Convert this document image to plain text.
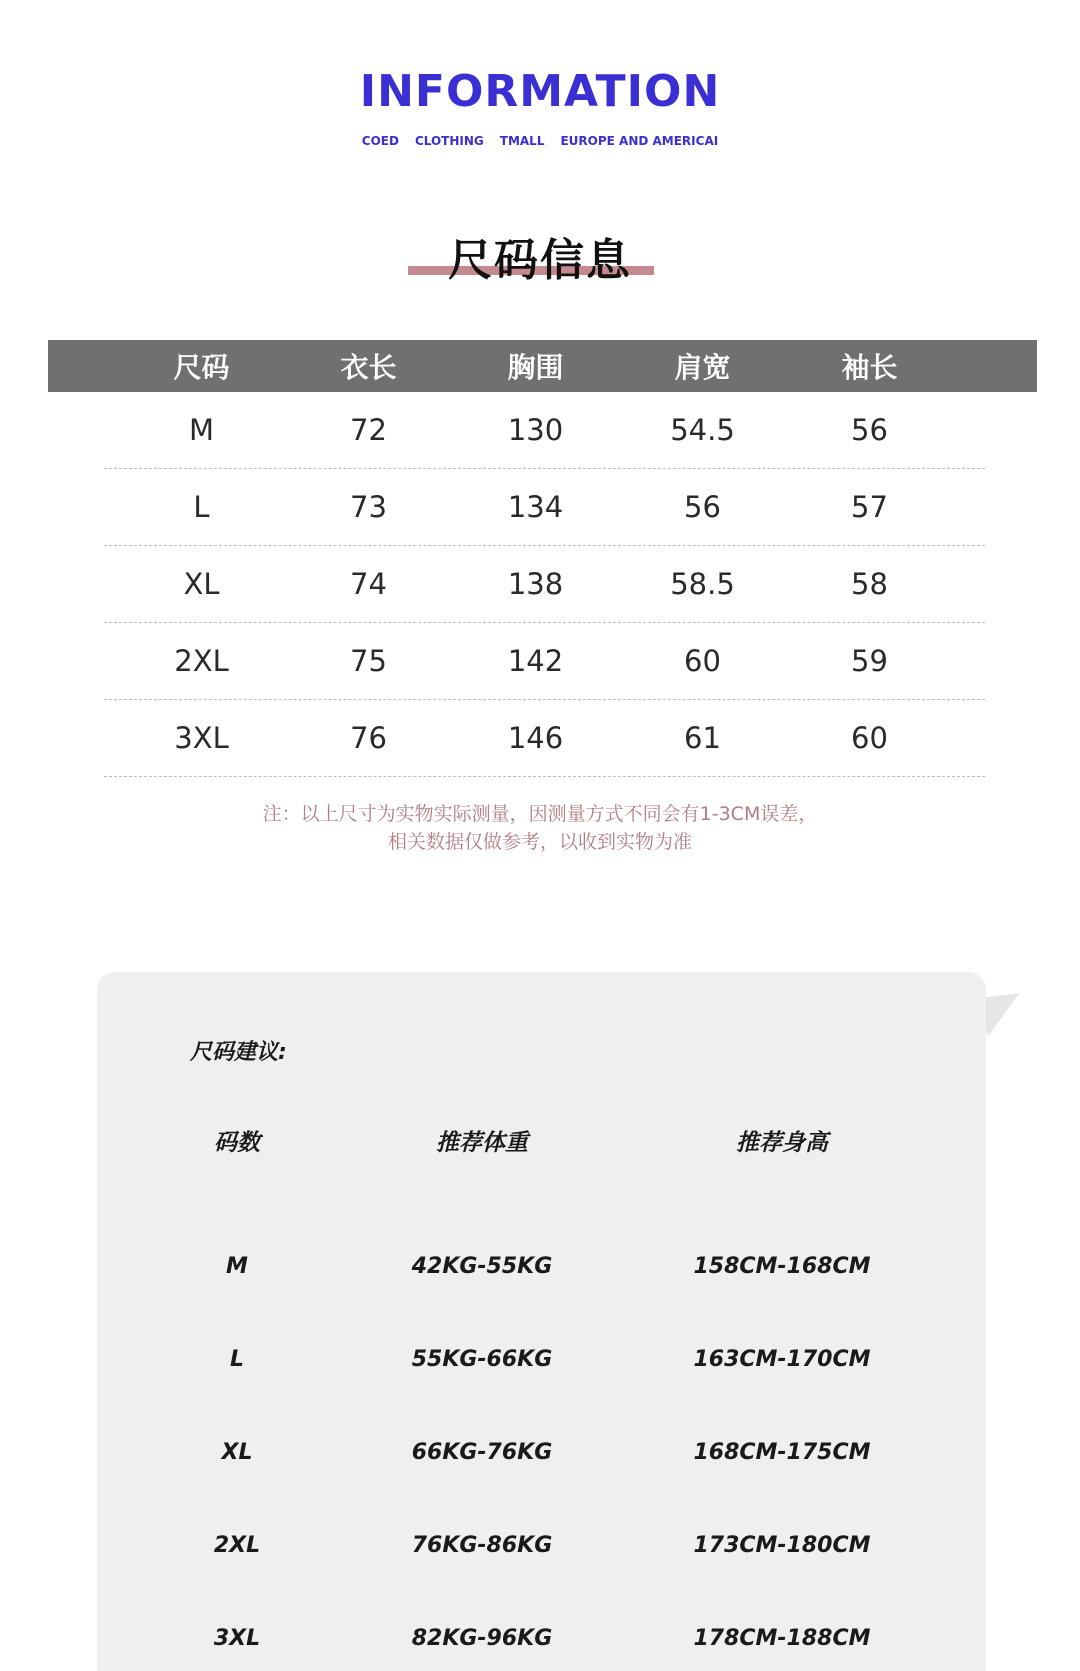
INFORMATION
COED CLOTHING TMALL EUROPE AND AMERICAI
尺码信息
尺码	衣长	胸围	肩宽	袖长
M	72	130	54.5	56
L	73	134	56	57
XL	74	138	58.5	58
2XL	75	142	60	59
3XL	76	146	61	60
注：以上尺寸为实物实际测量，因测量方式不同会有1-3CM误差，
相关数据仅做参考，以收到实物为准
尺码建议:
码数	推荐体重	推荐身高
M	42KG-55KG	158CM-168CM
L	55KG-66KG	163CM-170CM
XL	66KG-76KG	168CM-175CM
2XL	76KG-86KG	173CM-180CM
3XL	82KG-96KG	178CM-188CM
